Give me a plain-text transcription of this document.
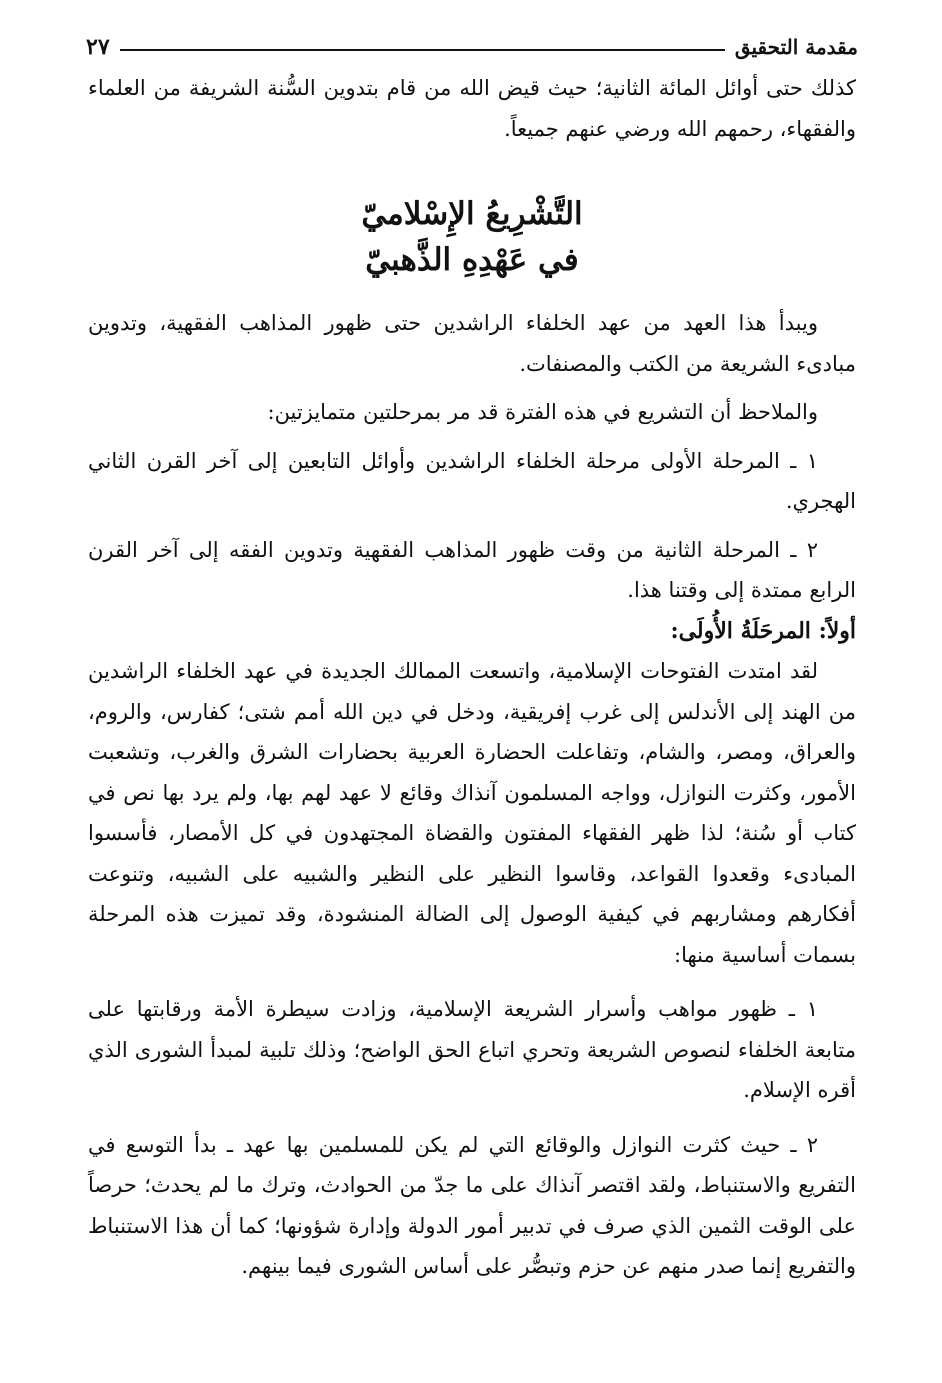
مقدمة التحقيق
٢٧

كذلك حتى أوائل المائة الثانية؛ حيث قيض الله من قام بتدوين السُّنة الشريفة من العلماء والفقهاء، رحمهم الله ورضي عنهم جميعاً.

التَّشْرِيعُ الإِسْلاميّ
في عَهْدِهِ الذَّهبيّ

ويبدأ هذا العهد من عهد الخلفاء الراشدين حتى ظهور المذاهب الفقهية، وتدوين مبادىء الشريعة من الكتب والمصنفات.

والملاحظ أن التشريع في هذه الفترة قد مر بمرحلتين متمايزتين:

١ ـ المرحلة الأولى مرحلة الخلفاء الراشدين وأوائل التابعين إلى آخر القرن الثاني الهجري.

٢ ـ المرحلة الثانية من وقت ظهور المذاهب الفقهية وتدوين الفقه إلى آخر القرن الرابع ممتدة إلى وقتنا هذا.

أولاً: المرحَلَةُ الأُولَى:

لقد امتدت الفتوحات الإسلامية، واتسعت الممالك الجديدة في عهد الخلفاء الراشدين من الهند إلى الأندلس إلى غرب إفريقية، ودخل في دين الله أمم شتى؛ كفارس، والروم، والعراق، ومصر، والشام، وتفاعلت الحضارة العربية بحضارات الشرق والغرب، وتشعبت الأمور، وكثرت النوازل، وواجه المسلمون آنذاك وقائع لا عهد لهم بها، ولم يرد بها نص في كتاب أو سُنة؛ لذا ظهر الفقهاء المفتون والقضاة المجتهدون في كل الأمصار، فأسسوا المبادىء وقعدوا القواعد، وقاسوا النظير على النظير والشبيه على الشبيه، وتنوعت أفكارهم ومشاربهم في كيفية الوصول إلى الضالة المنشودة، وقد تميزت هذه المرحلة بسمات أساسية منها:

١ ـ ظهور مواهب وأسرار الشريعة الإسلامية، وزادت سيطرة الأمة ورقابتها على متابعة الخلفاء لنصوص الشريعة وتحري اتباع الحق الواضح؛ وذلك تلبية لمبدأ الشورى الذي أقره الإسلام.

٢ ـ حيث كثرت النوازل والوقائع التي لم يكن للمسلمين بها عهد ـ بدأ التوسع في التفريع والاستنباط، ولقد اقتصر آنذاك على ما جدّ من الحوادث، وترك ما لم يحدث؛ حرصاً على الوقت الثمين الذي صرف في تدبير أمور الدولة وإدارة شؤونها؛ كما أن هذا الاستنباط والتفريع إنما صدر منهم عن حزم وتبصُّر على أساس الشورى فيما بينهم.
